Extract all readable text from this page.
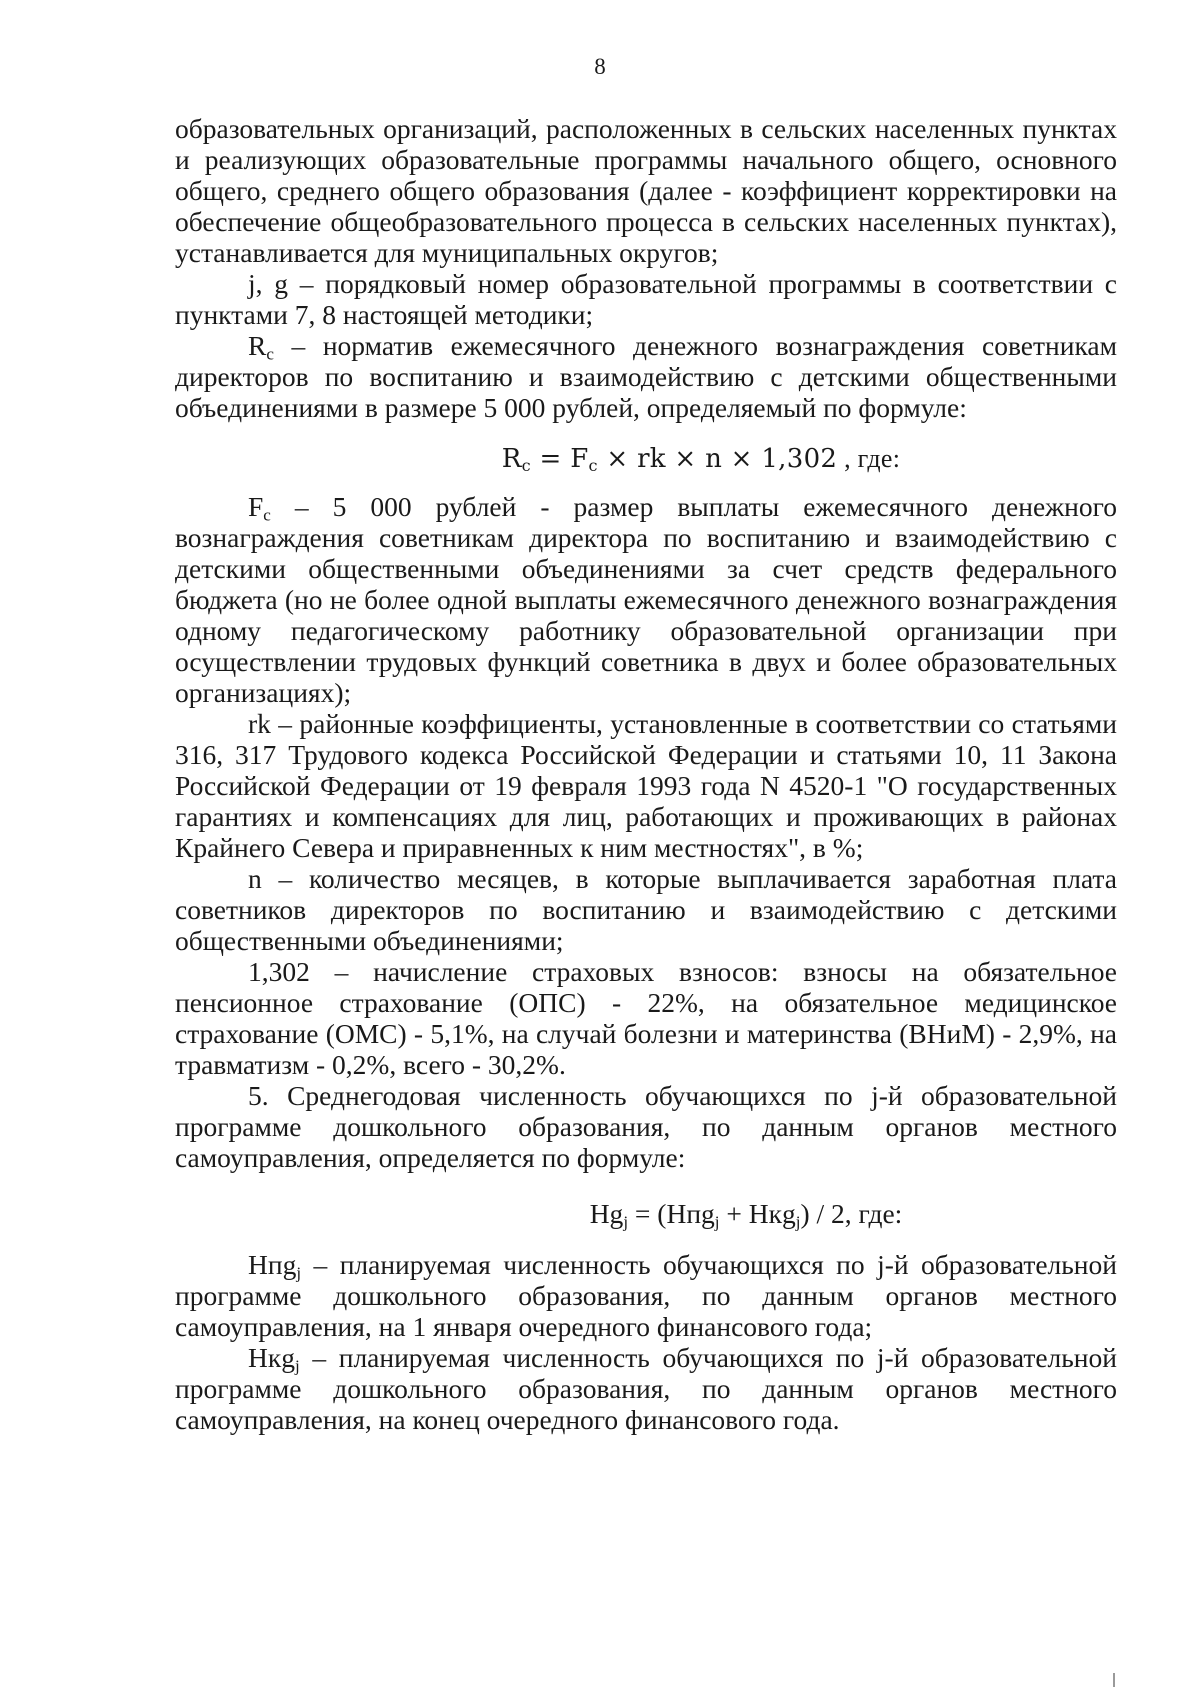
8

образовательных организаций, расположенных в сельских населенных пунктах и реализующих образовательные программы начального общего, основного общего, среднего общего образования (далее - коэффициент корректировки на обеспечение общеобразовательного процесса в сельских населенных пунктах), устанавливается для муниципальных округов;

j, g – порядковый номер образовательной программы в соответствии с пунктами 7, 8 настоящей методики;

$R_c$ – норматив ежемесячного денежного вознаграждения советникам директоров по воспитанию и взаимодействию с детскими общественными объединениями в размере 5 000 рублей, определяемый по формуле:

$R_c = F_c$ × rk × n × 1,302 , где:

$F_c - 5$ 000 рублей - размер выплаты ежемесячного денежного вознаграждения советникам директора по воспитанию и взаимодействию с детскими общественными объединениями за счет средств федерального бюджета (но не более одной выплаты ежемесячного денежного вознаграждения одному педагогическому работнику образовательной организации при осуществлении трудовых функций советника в двух и более образовательных организациях);

rk – районные коэффициенты, установленные в соответствии со статьями 316, 317 Трудового кодекса Российской Федерации и статьями 10, 11 Закона Российской Федерации от 19 февраля 1993 года N 4520-1 "О государственных гарантиях и компенсациях для лиц, работающих и проживающих в районах Крайнего Севера и приравненных к ним местностях", в %;

n – количество месяцев, в которые выплачивается заработная плата советников директоров по воспитанию и взаимодействию с детскими общественными объединениями;

1,302 – начисление страховых взносов: взносы на обязательное пенсионное страхование (ОПС) - 22%, на обязательное медицинское страхование (ОМС) - 5,1%, на случай болезни и материнства (ВНиМ) - 2,9%, на травматизм - 0,2%, всего - 30,2%.

5. Среднегодовая численность обучающихся по j-й образовательной программе дошкольного образования, по данным органов местного самоуправления, определяется по формуле:

$Hg_j = (Нпg_j + Нкg_j) / 2$, где:

Нпg$_j$ – планируемая численность обучающихся по j-й образовательной программе дошкольного образования, по данным органов местного самоуправления, на 1 января очередного финансового года;

Нкg$_j$ – планируемая численность обучающихся по j-й образовательной программе дошкольного образования, по данным органов местного самоуправления, на конец очередного финансового года.
